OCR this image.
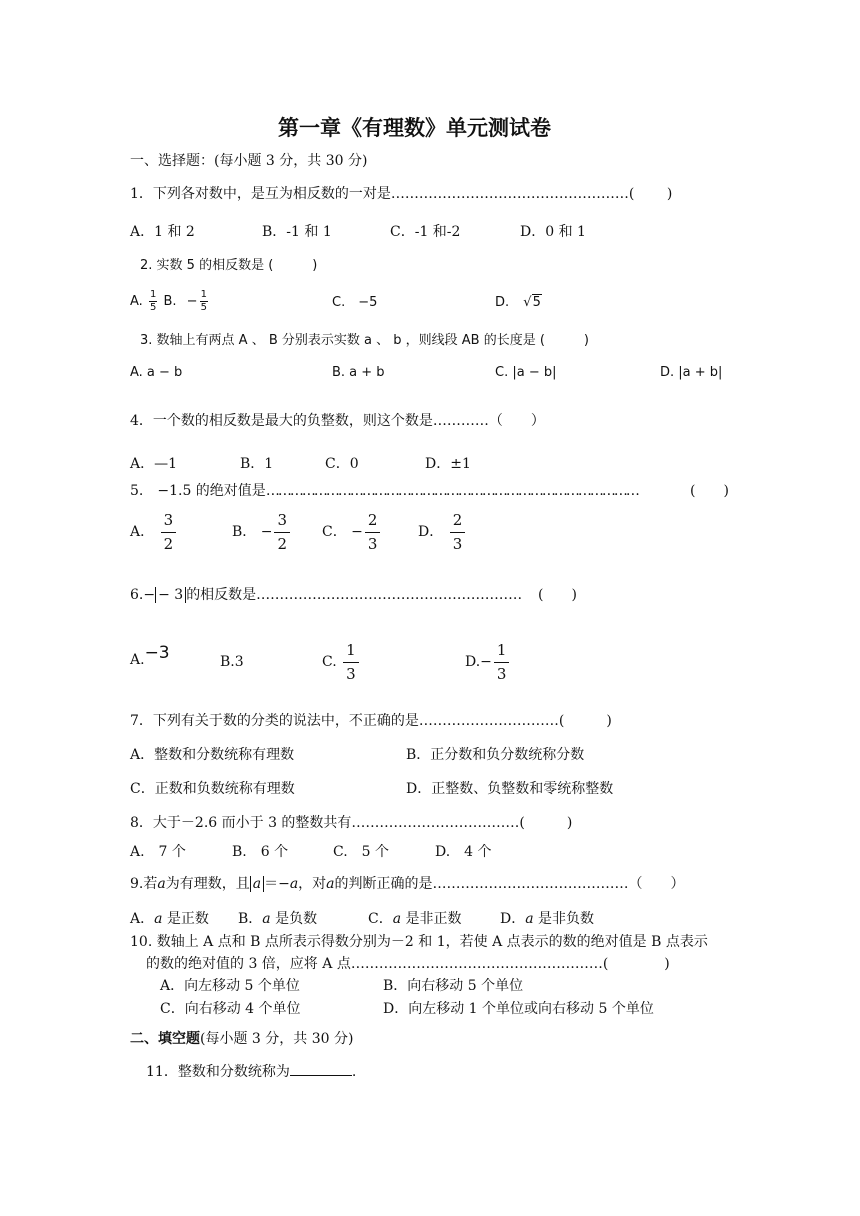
第一章《有理数》单元测试卷
一、选择题：(每小题 3 分，共 30 分)
1．下列各对数中，是互为相反数的一对是……………………………………………(　　 )
A．1 和 2	B．-1 和 1	C．-1 和-2	D．0 和 1
2. 实数 5 的相反数是 (　　　)
A. $\frac{1}{5} B$. − $\frac{1}{5}$	C.　−5	D. √5
3. 数轴上有两点 A 、 B 分别表示实数 a 、 b ，则线段 AB 的长度是 (　　　)
A. a − b	B. a + b	C. |a − b|	D. |a + b|
4．一个数的相反数是最大的负整数，则这个数是…………（　　）
A．—1	B．1	C．0	D．±1
5.　−1.5 的绝对值是…………………………………………………………………………………	(　　)
A． $\frac{3}{2}$	B． − $\frac{3}{2}$ C． − $\frac{2}{3}$	D． $\frac{2}{3}$
6.− − 3 的相反数是………………………………………………… (　　)
A.−3	B.3	C. $\frac{1}{3}$	$D.- \frac{1}{3}$
7．下列有关于数的分类的说法中，不正确的是…………………………(　　　)
A．整数和分数统称有理数	B．正分数和负分数统称分数
C．正数和负数统称有理数	D．正整数、负整数和零统称整数
8．大于－2.6 而小于 3 的整数共有………………………………(　　　)
A.　7 个	B.　6 个	C.　5 个	D.　4 个
9.若a为有理数，且 a ＝−a，对a的判断正确的是……………………………………（　　）
A．a 是正数 B．a 是负数	C．a 是非正数	D．a 是非负数
10. 数轴上 A 点和 B 点所表示得数分别为－2 和 1，若使 A 点表示的数的绝对值是 B 点表示
的数的绝对值的 3 倍，应将 A 点………………………………………………(　　　　)
A．向左移动 5 个单位	B．向右移动 5 个单位
C．向右移动 4 个单位	D．向左移动 1 个单位或向右移动 5 个单位
二、填空题(每小题 3 分，共 30 分)
11．整数和分数统称为	.
